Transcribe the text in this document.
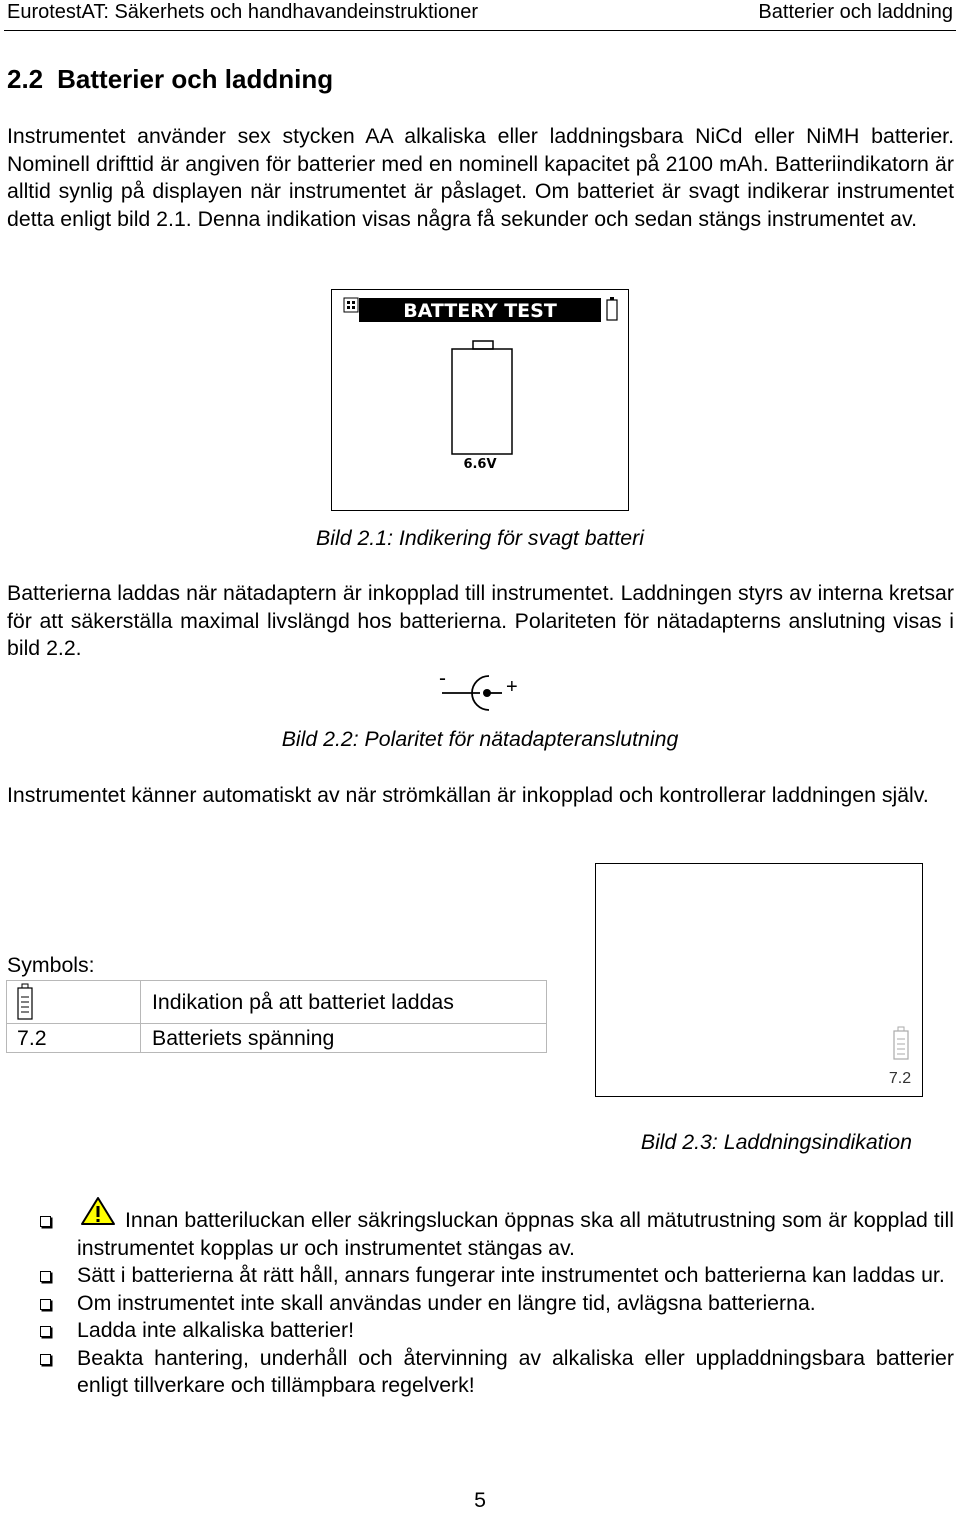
EurotestAT: Säkerhets och handhavandeinstruktioner	Batterier och laddning
2.2 Batterier och laddning
Instrumentet använder sex stycken AA alkaliska eller laddningsbara NiCd eller NiMH batterier. Nominell drifttid är angiven för batterier med en nominell kapacitet på 2100 mAh. Batteriindikatorn är alltid synlig på displayen när instrumentet är påslaget. Om batteriet är svagt indikerar instrumentet detta enligt bild 2.1. Denna indikation visas några få sekunder och sedan stängs instrumentet av.
BATTERY TEST
6.6V
Bild 2.1: Indikering för svagt batteri
Batterierna laddas när nätadaptern är inkopplad till instrumentet. Laddningen styrs av interna kretsar för att säkerställa maximal livslängd hos batterierna. Polariteten för nätadapterns anslutning visas i bild 2.2.
-	+
Bild 2.2: Polaritet för nätadapteranslutning
Instrumentet känner automatiskt av när strömkällan är inkopplad och kontrollerar laddningen själv.
Symbols:
	Indikation på att batteriet laddas
7.2	Batteriets spänning
7.2
Bild 2.3: Laddningsindikation
Innan batteriluckan eller säkringsluckan öppnas ska all mätutrustning som är kopplad till instrumentet kopplas ur och instrumentet stängas av.
Sätt i batterierna åt rätt håll, annars fungerar inte instrumentet och batterierna kan laddas ur.
Om instrumentet inte skall användas under en längre tid, avlägsna batterierna.
Ladda inte alkaliska batterier!
Beakta hantering, underhåll och återvinning av alkaliska eller uppladdningsbara batterier enligt tillverkare och tillämpbara regelverk!
5
